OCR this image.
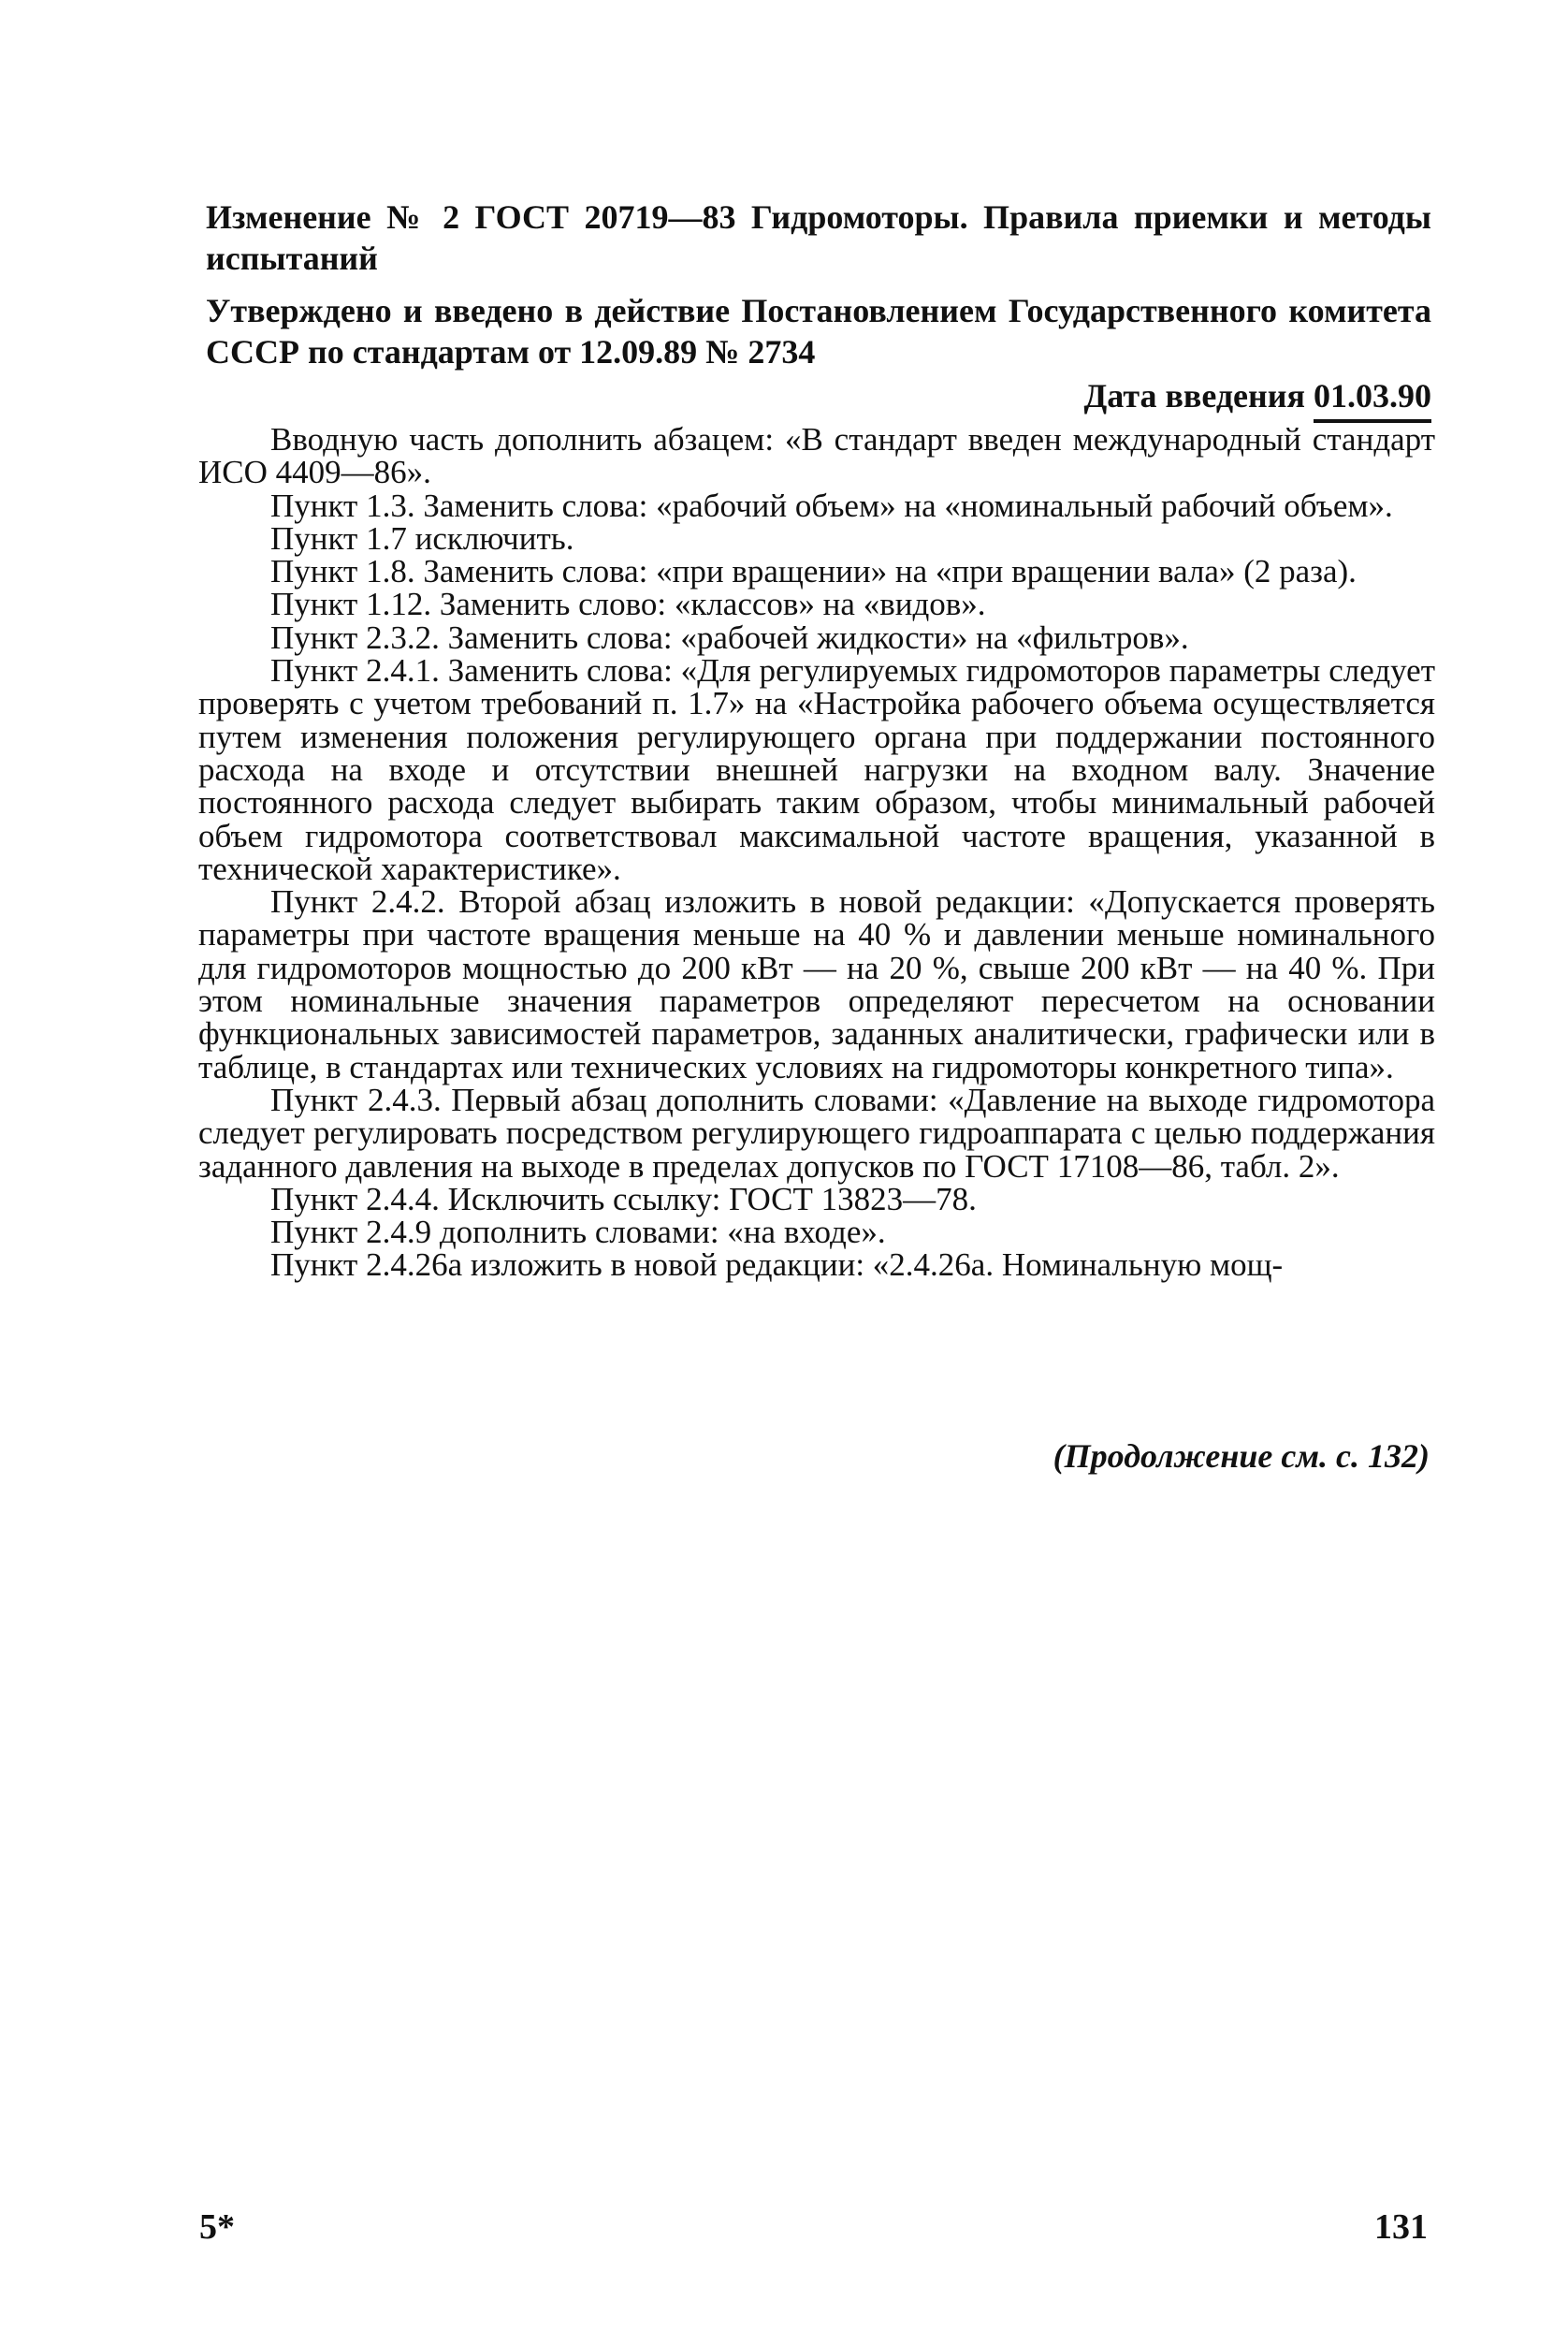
Изменение № 2 ГОСТ 20719—83 Гидромоторы. Правила приемки и методы испытаний

Утверждено и введено в действие Постановлением Государственного комитета СССР по стандартам от 12.09.89 № 2734

Дата введения 01.03.90

Вводную часть дополнить абзацем: «В стандарт введен международный стандарт ИСО 4409—86».

Пункт 1.3. Заменить слова: «рабочий объем» на «номинальный рабочий объем».

Пункт 1.7 исключить.

Пункт 1.8. Заменить слова: «при вращении» на «при вращении вала» (2 раза).

Пункт 1.12. Заменить слово: «классов» на «видов».

Пункт 2.3.2. Заменить слова: «рабочей жидкости» на «фильтров».

Пункт 2.4.1. Заменить слова: «Для регулируемых гидромоторов параметры следует проверять с учетом требований п. 1.7» на «Настройка рабочего объема осуществляется путем изменения положения регулирующего органа при поддержании постоянного расхода на входе и отсутствии внешней нагрузки на входном валу. Значение постоянного расхода следует выбирать таким образом, чтобы минимальный рабочей объем гидромотора соответствовал максимальной частоте вращения, указанной в технической характеристике».

Пункт 2.4.2. Второй абзац изложить в новой редакции: «Допускается проверять параметры при частоте вращения меньше на 40 % и давлении меньше номинального для гидромоторов мощностью до 200 кВт — на 20 %, свыше 200 кВт — на 40 %. При этом номинальные значения параметров определяют пересчетом на основании функциональных зависимостей параметров, заданных аналитически, графически или в таблице, в стандартах или технических условиях на гидромоторы конкретного типа».

Пункт 2.4.3. Первый абзац дополнить словами: «Давление на выходе гидромотора следует регулировать посредством регулирующего гидроаппарата с целью поддержания заданного давления на выходе в пределах допусков по ГОСТ 17108—86, табл. 2».

Пункт 2.4.4. Исключить ссылку: ГОСТ 13823—78.

Пункт 2.4.9 дополнить словами: «на входе».

Пункт 2.4.26а изложить в новой редакции: «2.4.26а. Номинальную мощ-

(Продолжение см. с. 132)
5*	131
